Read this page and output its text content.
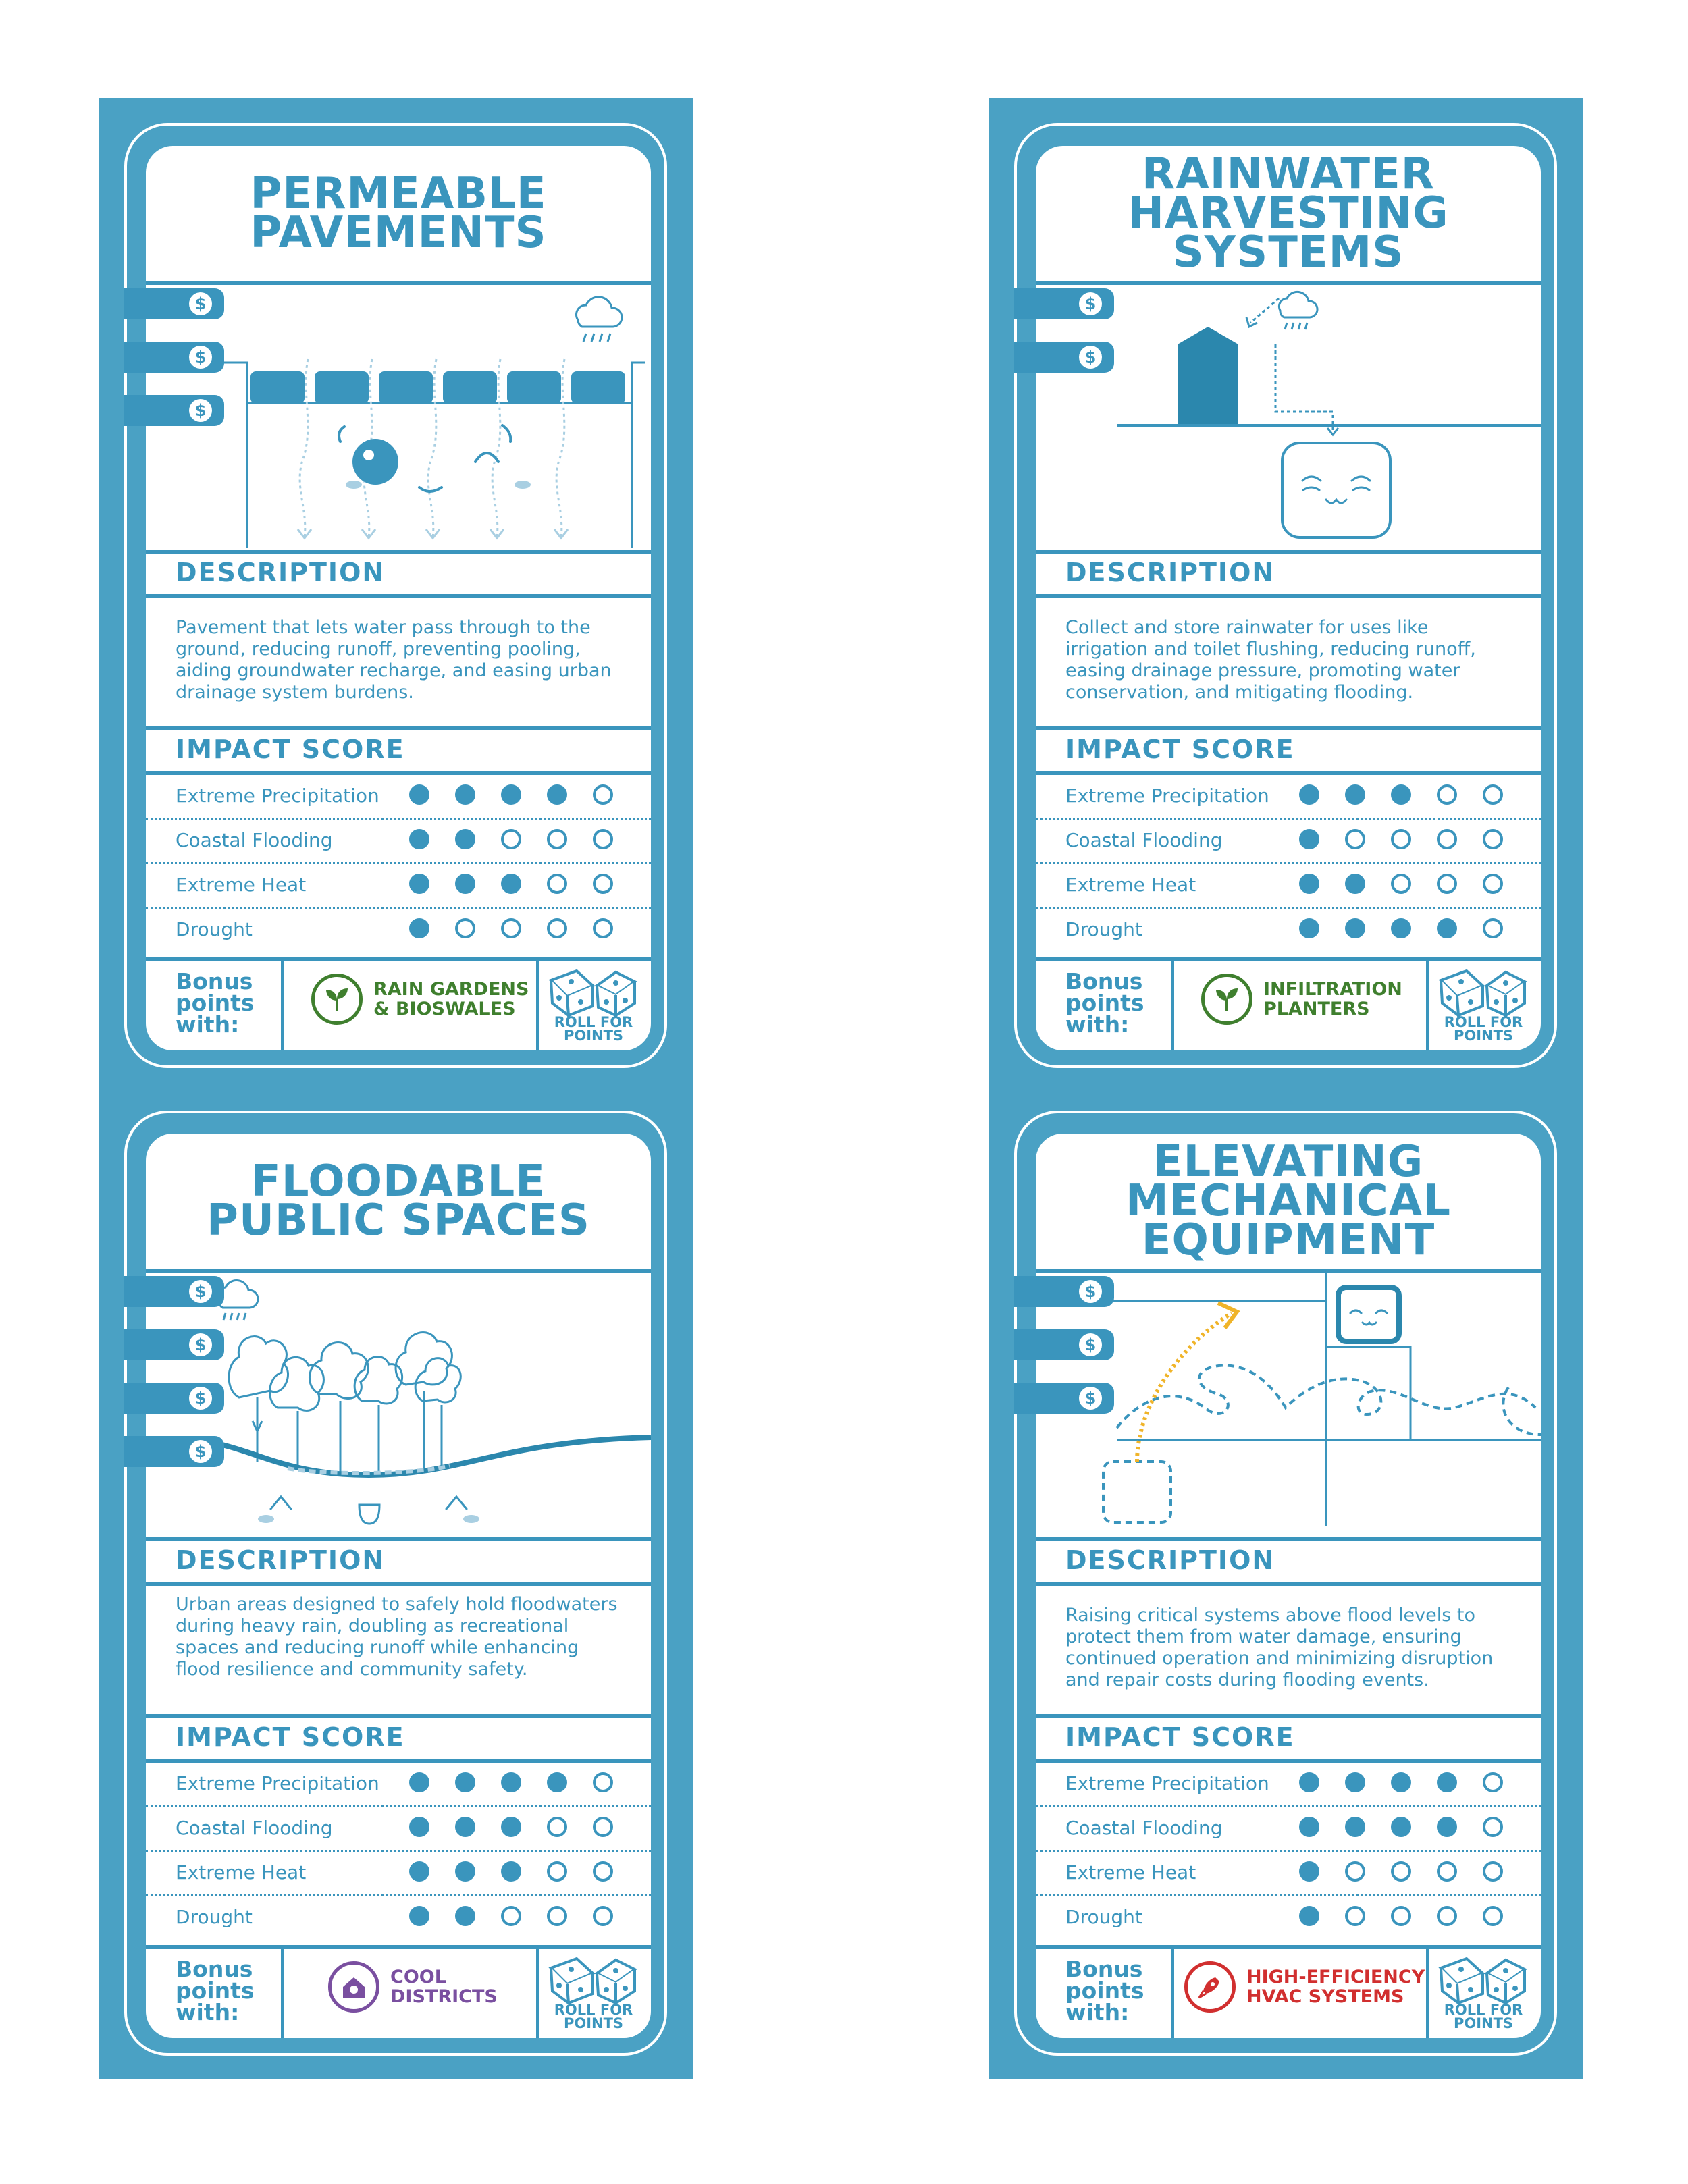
PERMEABLE
PAVEMENTS
DESCRIPTION
Pavement that lets water pass through to the ground, reducing runoff, preventing pooling, aiding groundwater recharge, and easing urban drainage system burdens.
IMPACT SCORE
Extreme Precipitation
Coastal Flooding
Extreme Heat
Drought
Bonus
points
with:
RAIN GARDENS
& BIOSWALES
ROLL FOR
POINTS
$
$
$
RAINWATER
HARVESTING
SYSTEMS
DESCRIPTION
Collect and store rainwater for uses like irrigation and toilet flushing, reducing runoff, easing drainage pressure, promoting water conservation, and mitigating flooding.
IMPACT SCORE
Extreme Precipitation
Coastal Flooding
Extreme Heat
Drought
Bonus
points
with:
INFILTRATION
PLANTERS
ROLL FOR
POINTS
$
$
FLOODABLE
PUBLIC SPACES
DESCRIPTION
Urban areas designed to safely hold floodwaters during heavy rain, doubling as recreational spaces and reducing runoff while enhancing flood resilience and community safety.
IMPACT SCORE
Extreme Precipitation
Coastal Flooding
Extreme Heat
Drought
Bonus
points
with:
COOL
DISTRICTS
ROLL FOR
POINTS
$
$
$
$
ELEVATING
MECHANICAL
EQUIPMENT
DESCRIPTION
Raising critical systems above flood levels to protect them from water damage, ensuring continued operation and minimizing disruption and repair costs during flooding events.
IMPACT SCORE
Extreme Precipitation
Coastal Flooding
Extreme Heat
Drought
Bonus
points
with:
HIGH-EFFICIENCY
HVAC SYSTEMS
ROLL FOR
POINTS
$
$
$
